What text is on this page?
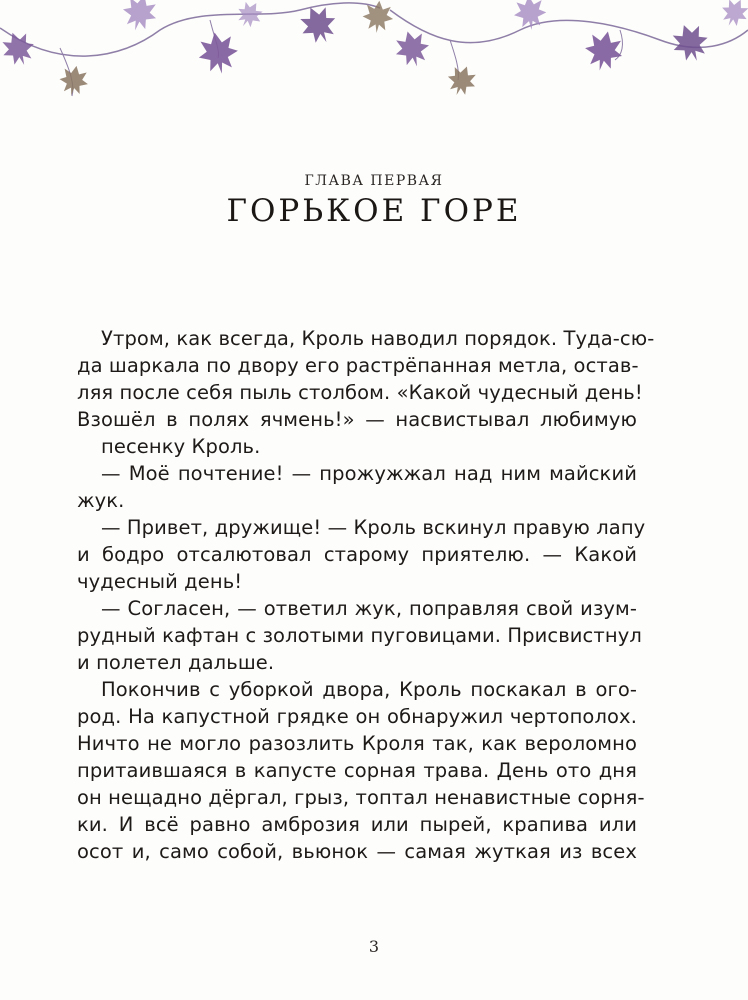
ГЛАВА ПЕРВАЯ
ГОРЬКОЕ ГОРЕ
Утром, как всегда, Кроль наводил порядок. Туда-сю-
да шаркала по двору его растрёпанная метла, остав-
ляя после себя пыль столбом. «Какой чудесный день!
Взошёл в полях ячмень!» — насвистывал любимую
песенку Кроль.
— Моё почтение! — прожужжал над ним майский
жук.
— Привет, дружище! — Кроль вскинул правую лапу
и бодро отсалютовал старому приятелю. — Какой
чудесный день!
— Согласен, — ответил жук, поправляя свой изум-
рудный кафтан с золотыми пуговицами. Присвистнул
и полетел дальше.
Покончив с уборкой двора, Кроль поскакал в ого-
род. На капустной грядке он обнаружил чертополох.
Ничто не могло разозлить Кроля так, как вероломно
притаившаяся в капусте сорная трава. День ото дня
он нещадно дёргал, грыз, топтал ненавистные сорня-
ки. И всё равно амброзия или пырей, крапива или
осот и, само собой, вьюнок — самая жуткая из всех
3
